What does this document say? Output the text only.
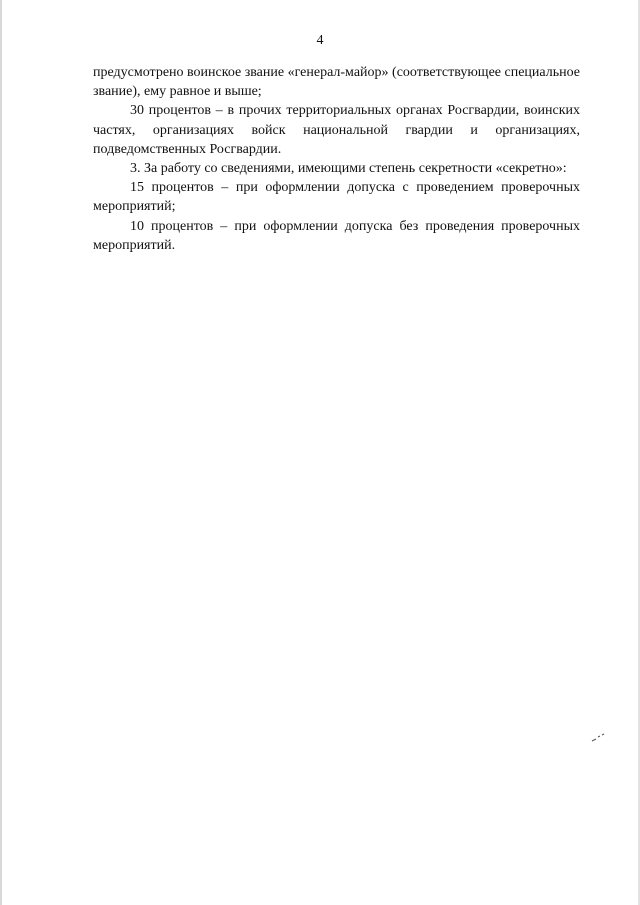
4

предусмотрено воинское звание «генерал-майор» (соответствующее специальное звание), ему равное и выше;

30 процентов – в прочих территориальных органах Росгвардии, воинских частях, организациях войск национальной гвардии и организациях, подведомственных Росгвардии.

3. За работу со сведениями, имеющими степень секретности «секретно»:

15 процентов – при оформлении допуска с проведением проверочных мероприятий;

10 процентов – при оформлении допуска без проведения проверочных мероприятий.
